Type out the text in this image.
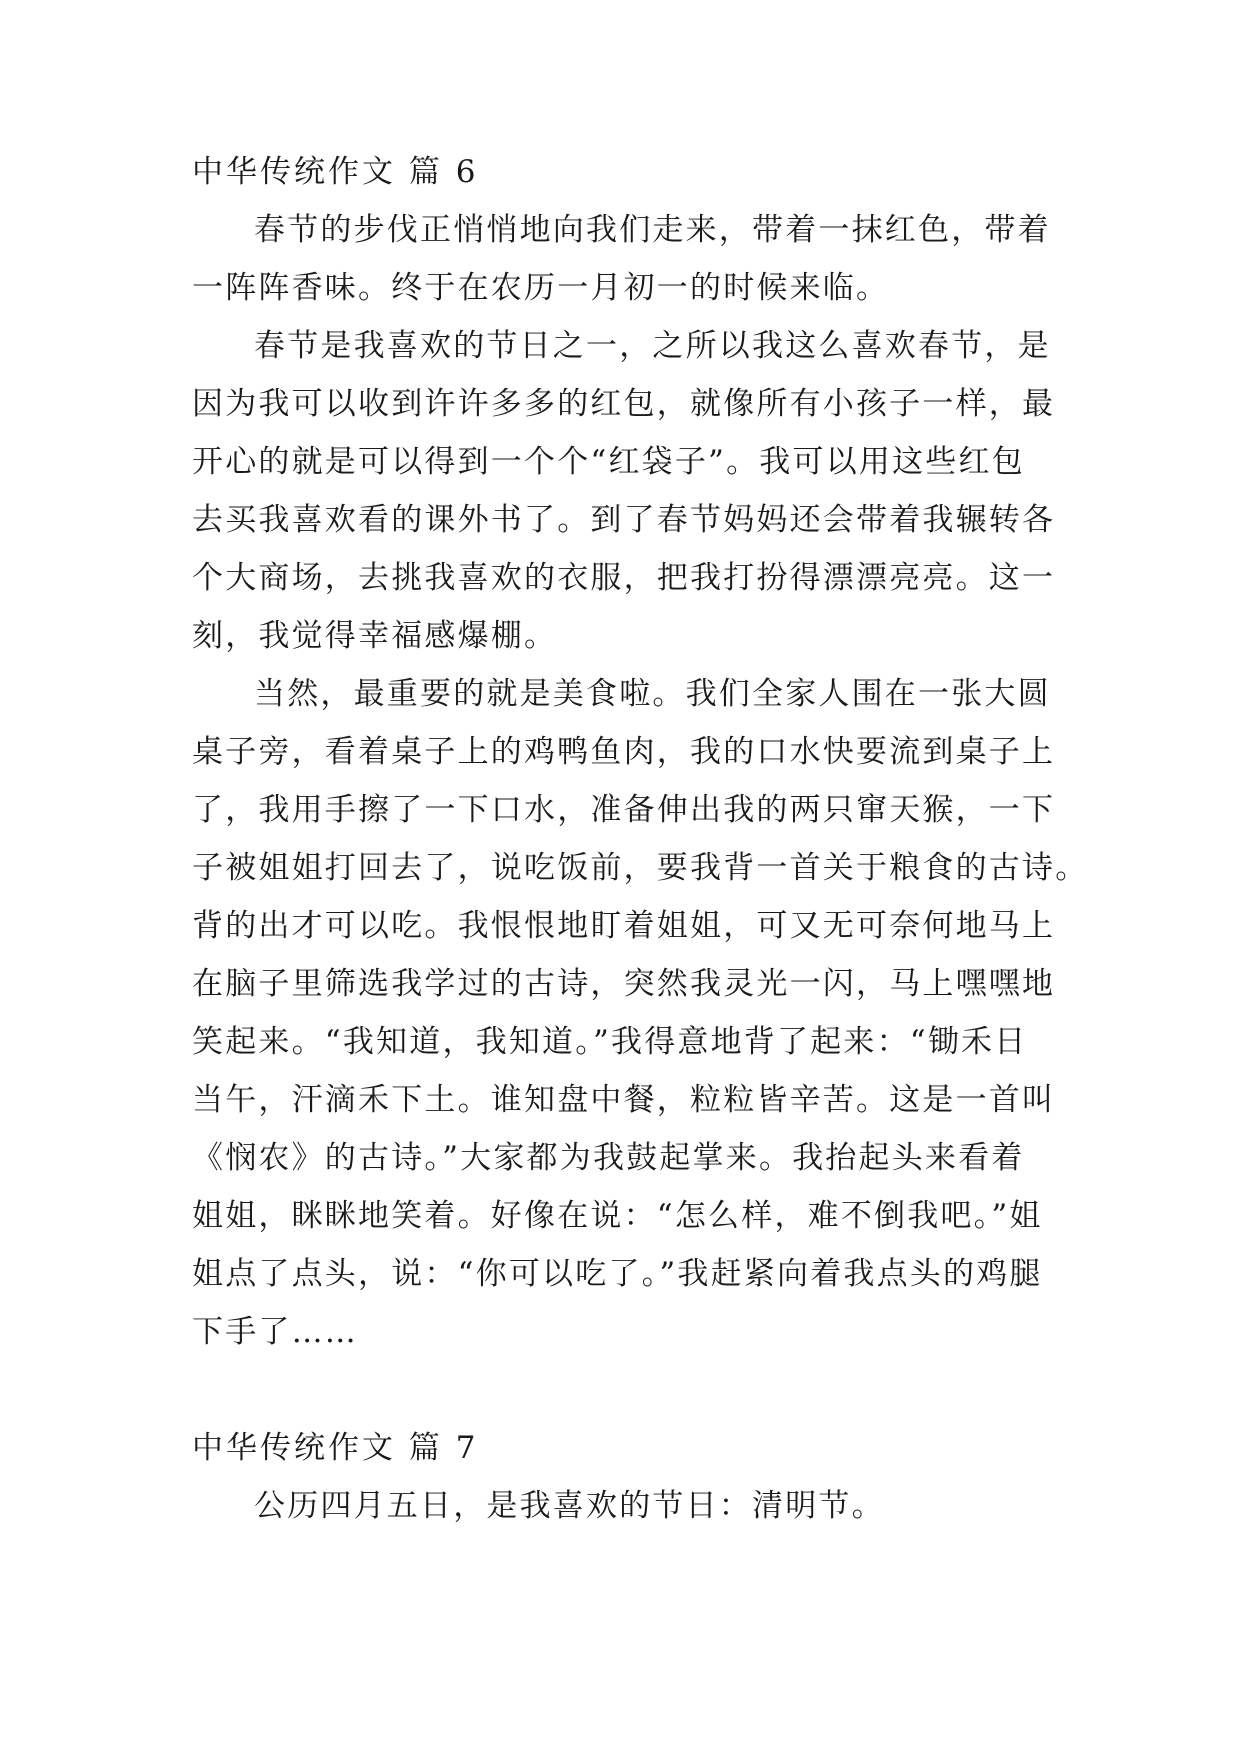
中华传统作文 篇 6
春节的步伐正悄悄地向我们走来，带着一抹红色，带着
一阵阵香味。终于在农历一月初一的时候来临。
春节是我喜欢的节日之一，之所以我这么喜欢春节，是
因为我可以收到许许多多的红包，就像所有小孩子一样，最
开心的就是可以得到一个个“红袋子”。我可以用这些红包
去买我喜欢看的课外书了。到了春节妈妈还会带着我辗转各
个大商场，去挑我喜欢的衣服，把我打扮得漂漂亮亮。这一
刻，我觉得幸福感爆棚。
当然，最重要的就是美食啦。我们全家人围在一张大圆
桌子旁，看着桌子上的鸡鸭鱼肉，我的口水快要流到桌子上
了，我用手擦了一下口水，准备伸出我的两只窜天猴，一下
子被姐姐打回去了，说吃饭前，要我背一首关于粮食的古诗。
背的出才可以吃。我恨恨地盯着姐姐，可又无可奈何地马上
在脑子里筛选我学过的古诗，突然我灵光一闪，马上嘿嘿地
笑起来。“我知道，我知道。”我得意地背了起来：“锄禾日
当午，汗滴禾下土。谁知盘中餐，粒粒皆辛苦。这是一首叫
《悯农》的古诗。”大家都为我鼓起掌来。我抬起头来看着
姐姐，眯眯地笑着。好像在说：“怎么样，难不倒我吧。”姐
姐点了点头，说：“你可以吃了。”我赶紧向着我点头的鸡腿
下手了……
中华传统作文 篇 7
公历四月五日，是我喜欢的节日：清明节。
